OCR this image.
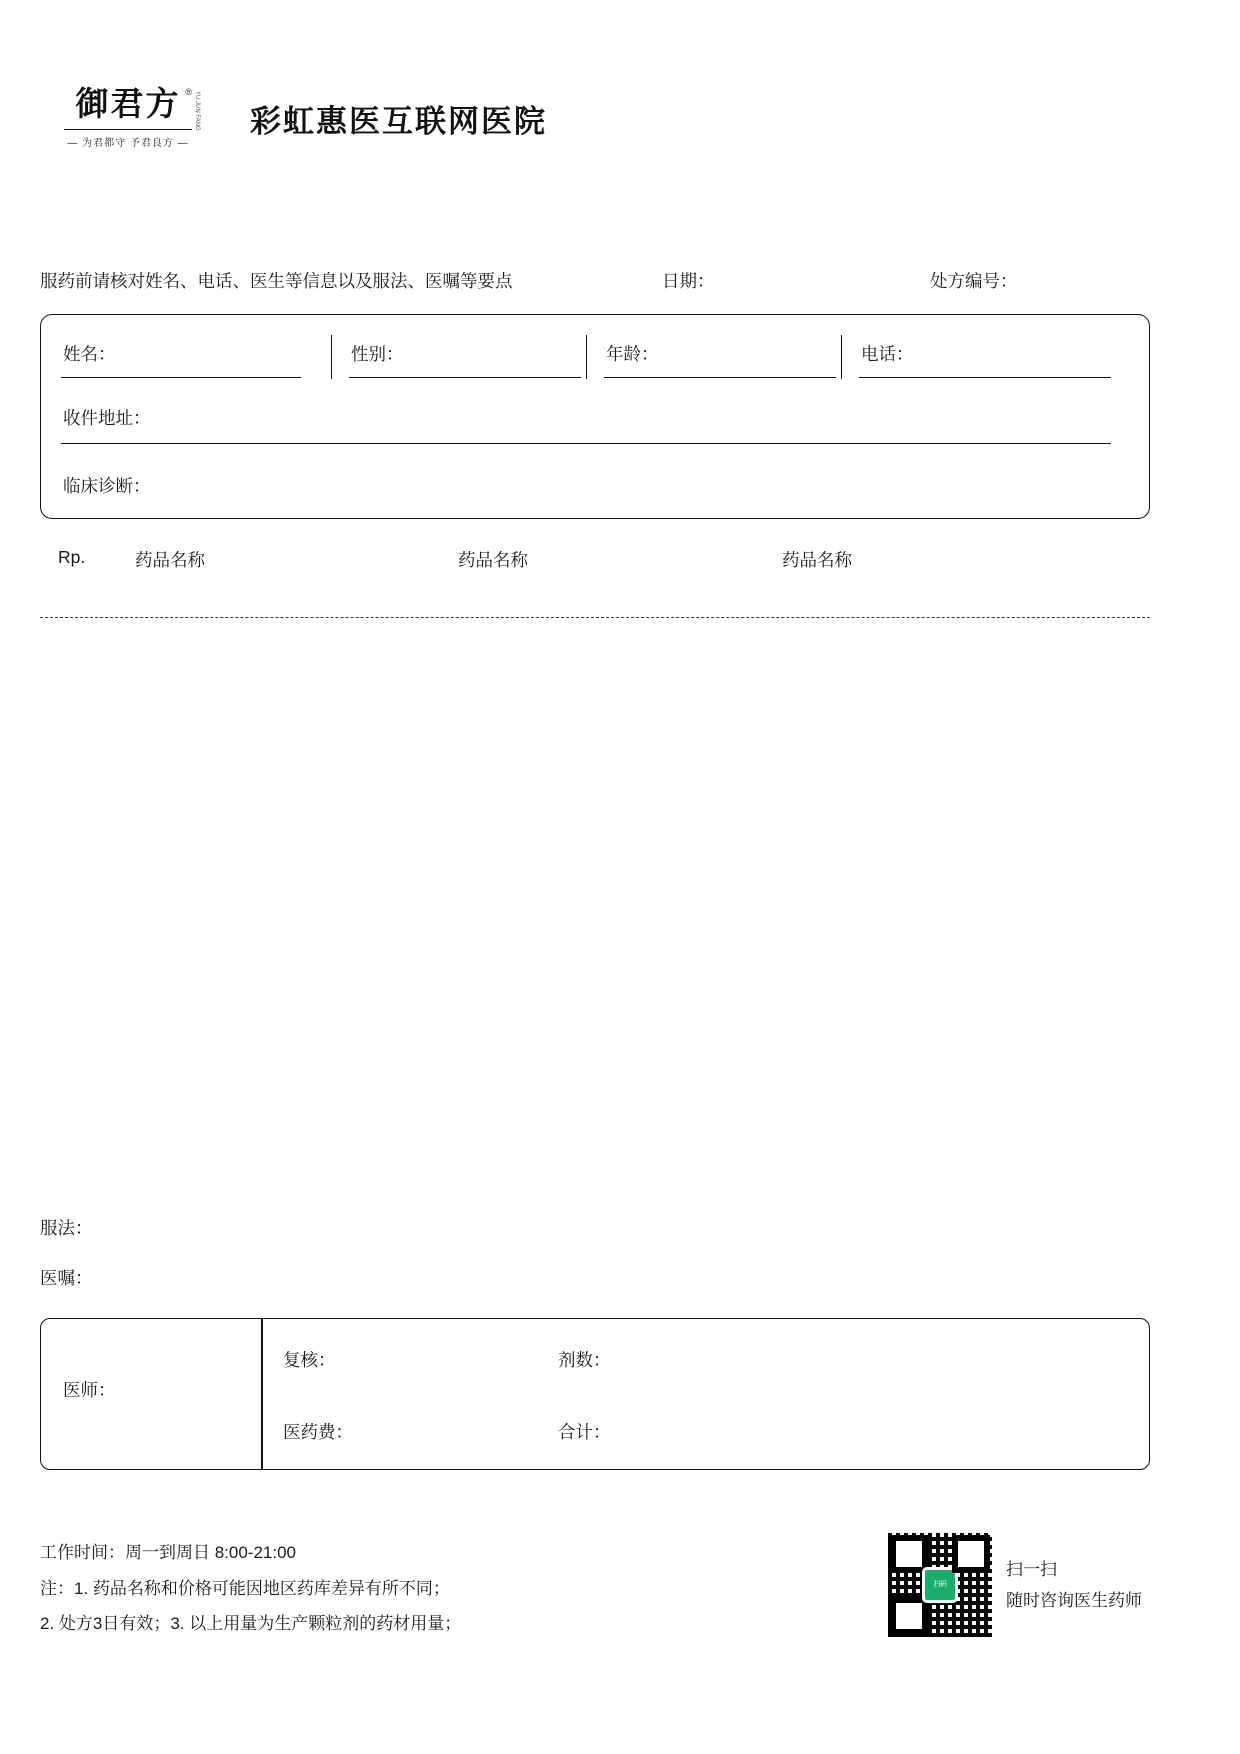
御君方 ® YU JUN FANG
— 为君都守 予君良方 —
彩虹惠医互联网医院
服药前请核对姓名、电话、医生等信息以及服法、医嘱等要点	日期：	处方编号：
姓名：	性别：	年龄：	电话：
收件地址：
临床诊断：
Rp.	药品名称	药品名称	药品名称
服法：
医嘱：
医师：
复核：	剂数：
医药费：	合计：
工作时间：周一到周日 8:00-21:00
注：1. 药品名称和价格可能因地区药库差异有所不同；
2. 处方3日有效；3. 以上用量为生产颗粒剂的药材用量；
扫码
扫一扫
随时咨询医生药师
